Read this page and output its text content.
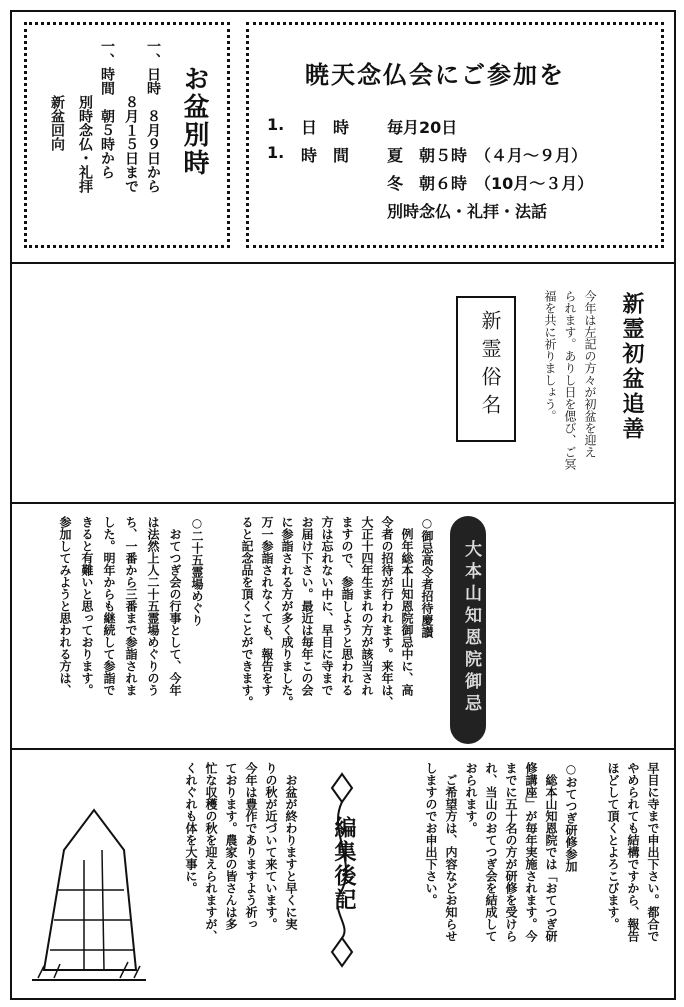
お盆別時
一、日時　８月９日から
８月１５日まで
一、時間　朝５時から
別時念仏・礼拝
新盆回向
暁天念仏会にご参加を
1. 日　時 毎月20日
1. 時　間 夏　朝５時　（４月～９月）
冬　朝６時　（10月～３月）
別時念仏・礼拝・法話
新霊初盆追善
今年は左記の方々が初盆を迎え
られます。ありし日を偲び、ご冥
福を共に祈りましょう。
新霊俗名
大本山知恩院御忌
○御忌高令者招待慶讃
　例年総本山知恩院御忌中に、高
令者の招待が行われます。来年は、
大正十四年生まれの方が該当され
ますので、参詣しようと思われる
方は忘れない中に、早目に寺まで
お届け下さい。最近は毎年この会
に参詣される方が多く成りました。
万一参詣されなくても、報告をす
ると記念品を頂くことができます。
○二十五霊場めぐり
　おてつぎ会の行事として、今年
は法然上人二十五霊場めぐりのう
ち、一番から三番まで参詣されま
した。明年からも継続して参詣で
きると有難いと思っております。
参加してみようと思われる方は、
早目に寺まで申出下さい。都合で
やめられても結構ですから、報告
ほどして頂くとよろこびます。
○おてつぎ研修参加
　総本山知恩院では「おてつぎ研
修講座」が毎年実施されます。今
までに五十名の方が研修を受けら
れ、当山のおてつぎ会を結成して
おられます。
　ご希望方は、内容などお知らせ
しますのでお申出下さい。
編集後記
　お盆が終わりますと早くに実
りの秋が近づいて来ています。
今年は豊作でありますよう祈っ
ております。農家の皆さんは多
忙な収穫の秋を迎えられますが、
くれぐれも体を大事に。
